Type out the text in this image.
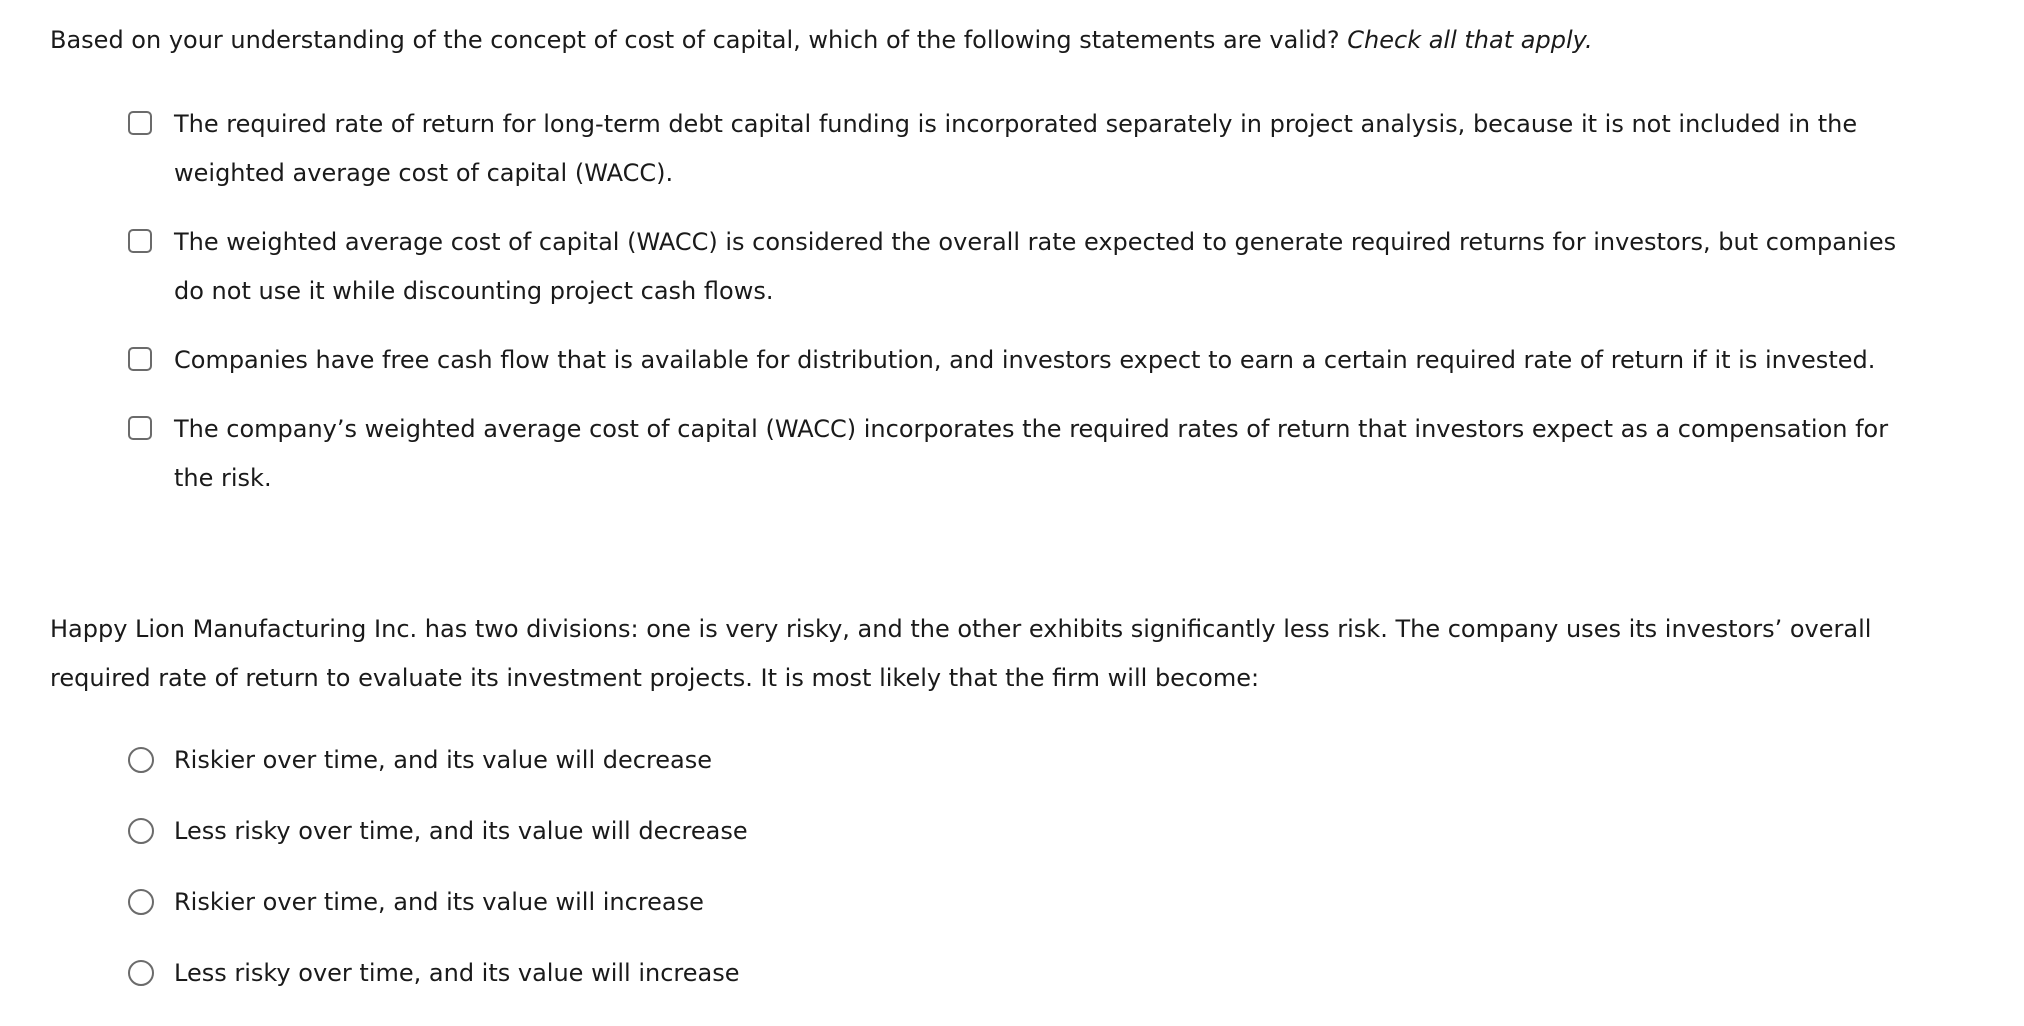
Based on your understanding of the concept of cost of capital, which of the following statements are valid? Check all that apply.
The required rate of return for long-term debt capital funding is incorporated separately in project analysis, because it is not included in the weighted average cost of capital (WACC).
The weighted average cost of capital (WACC) is considered the overall rate expected to generate required returns for investors, but companies do not use it while discounting project cash flows.
Companies have free cash flow that is available for distribution, and investors expect to earn a certain required rate of return if it is invested.
The company’s weighted average cost of capital (WACC) incorporates the required rates of return that investors expect as a compensation for the risk.
Happy Lion Manufacturing Inc. has two divisions: one is very risky, and the other exhibits significantly less risk. The company uses its investors’ overall required rate of return to evaluate its investment projects. It is most likely that the firm will become:
Riskier over time, and its value will decrease
Less risky over time, and its value will decrease
Riskier over time, and its value will increase
Less risky over time, and its value will increase
